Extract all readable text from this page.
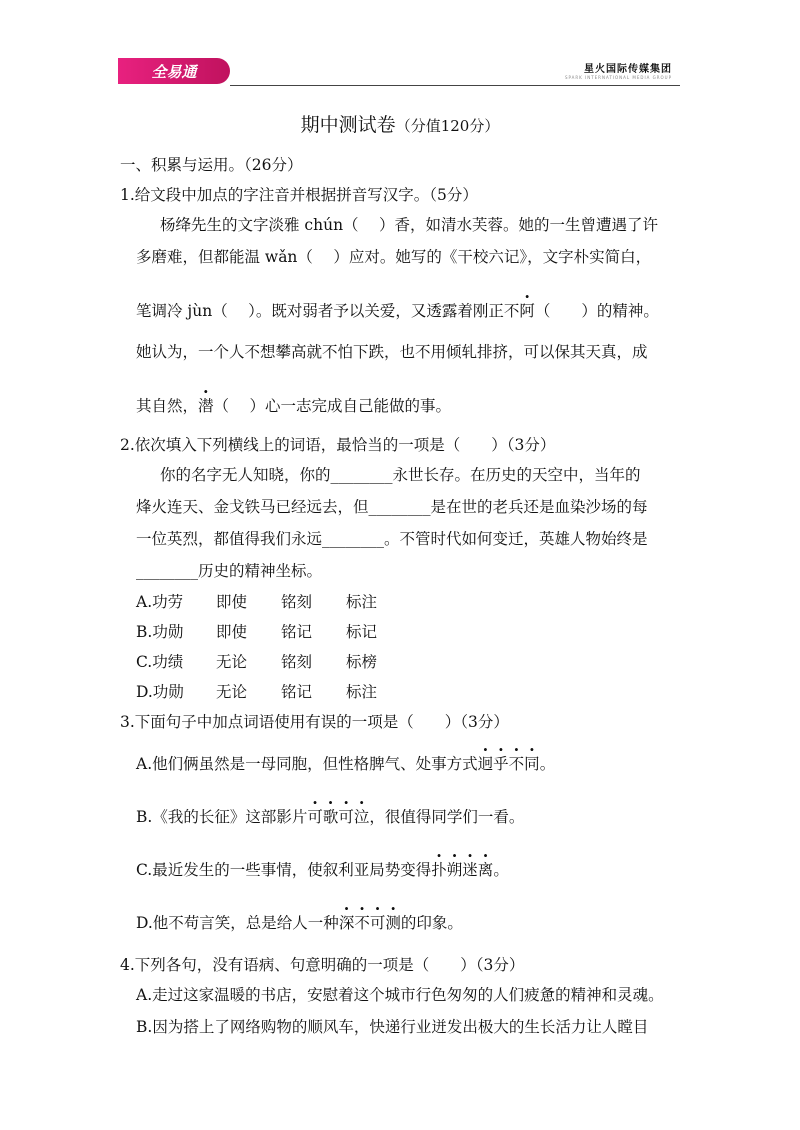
全易通	星火国际传媒集团
SPARK INTERNATIONAL MEDIA GROUP
期中测试卷（分值120分）
一、积累与运用。（26分）
1.给文段中加点的字注音并根据拼音写汉字。（5分）
杨绛先生的文字淡雅 chún（　 ）香，如清水芙蓉。她的一生曾遭遇了许
多磨难，但都能温 wǎn（　 ）应对。她写的《干校六记》，文字朴实简白，
笔调冷 jùn（　 ）。既对弱者予以关爱，又透露着刚正不阿（　　）的精神。
她认为，一个人不想攀高就不怕下跌，也不用倾轧排挤，可以保其天真，成
其自然，潜（　 ）心一志完成自己能做的事。
2.依次填入下列横线上的词语，最恰当的一项是（　　）（3分）
你的名字无人知晓，你的________永世长存。在历史的天空中，当年的
烽火连天、金戈铁马已经远去，但________是在世的老兵还是血染沙场的每
一位英烈，都值得我们永远________。不管时代如何变迁，英雄人物始终是
________历史的精神坐标。
A.功劳 即使 铭刻 标注
B.功勋 即使 铭记 标记
C.功绩 无论 铭刻 标榜
D.功勋 无论 铭记 标注
3.下面句子中加点词语使用有误的一项是（　　）（3分）
A.他们俩虽然是一母同胞，但性格脾气、处事方式迥乎不同。
B.《我的长征》这部影片可歌可泣，很值得同学们一看。
C.最近发生的一些事情，使叙利亚局势变得扑朔迷离。
D.他不苟言笑，总是给人一种深不可测的印象。
4.下列各句，没有语病、句意明确的一项是（　　）（3分）
A.走过这家温暖的书店，安慰着这个城市行色匆匆的人们疲惫的精神和灵魂。
B.因为搭上了网络购物的顺风车，快递行业迸发出极大的生长活力让人瞠目
